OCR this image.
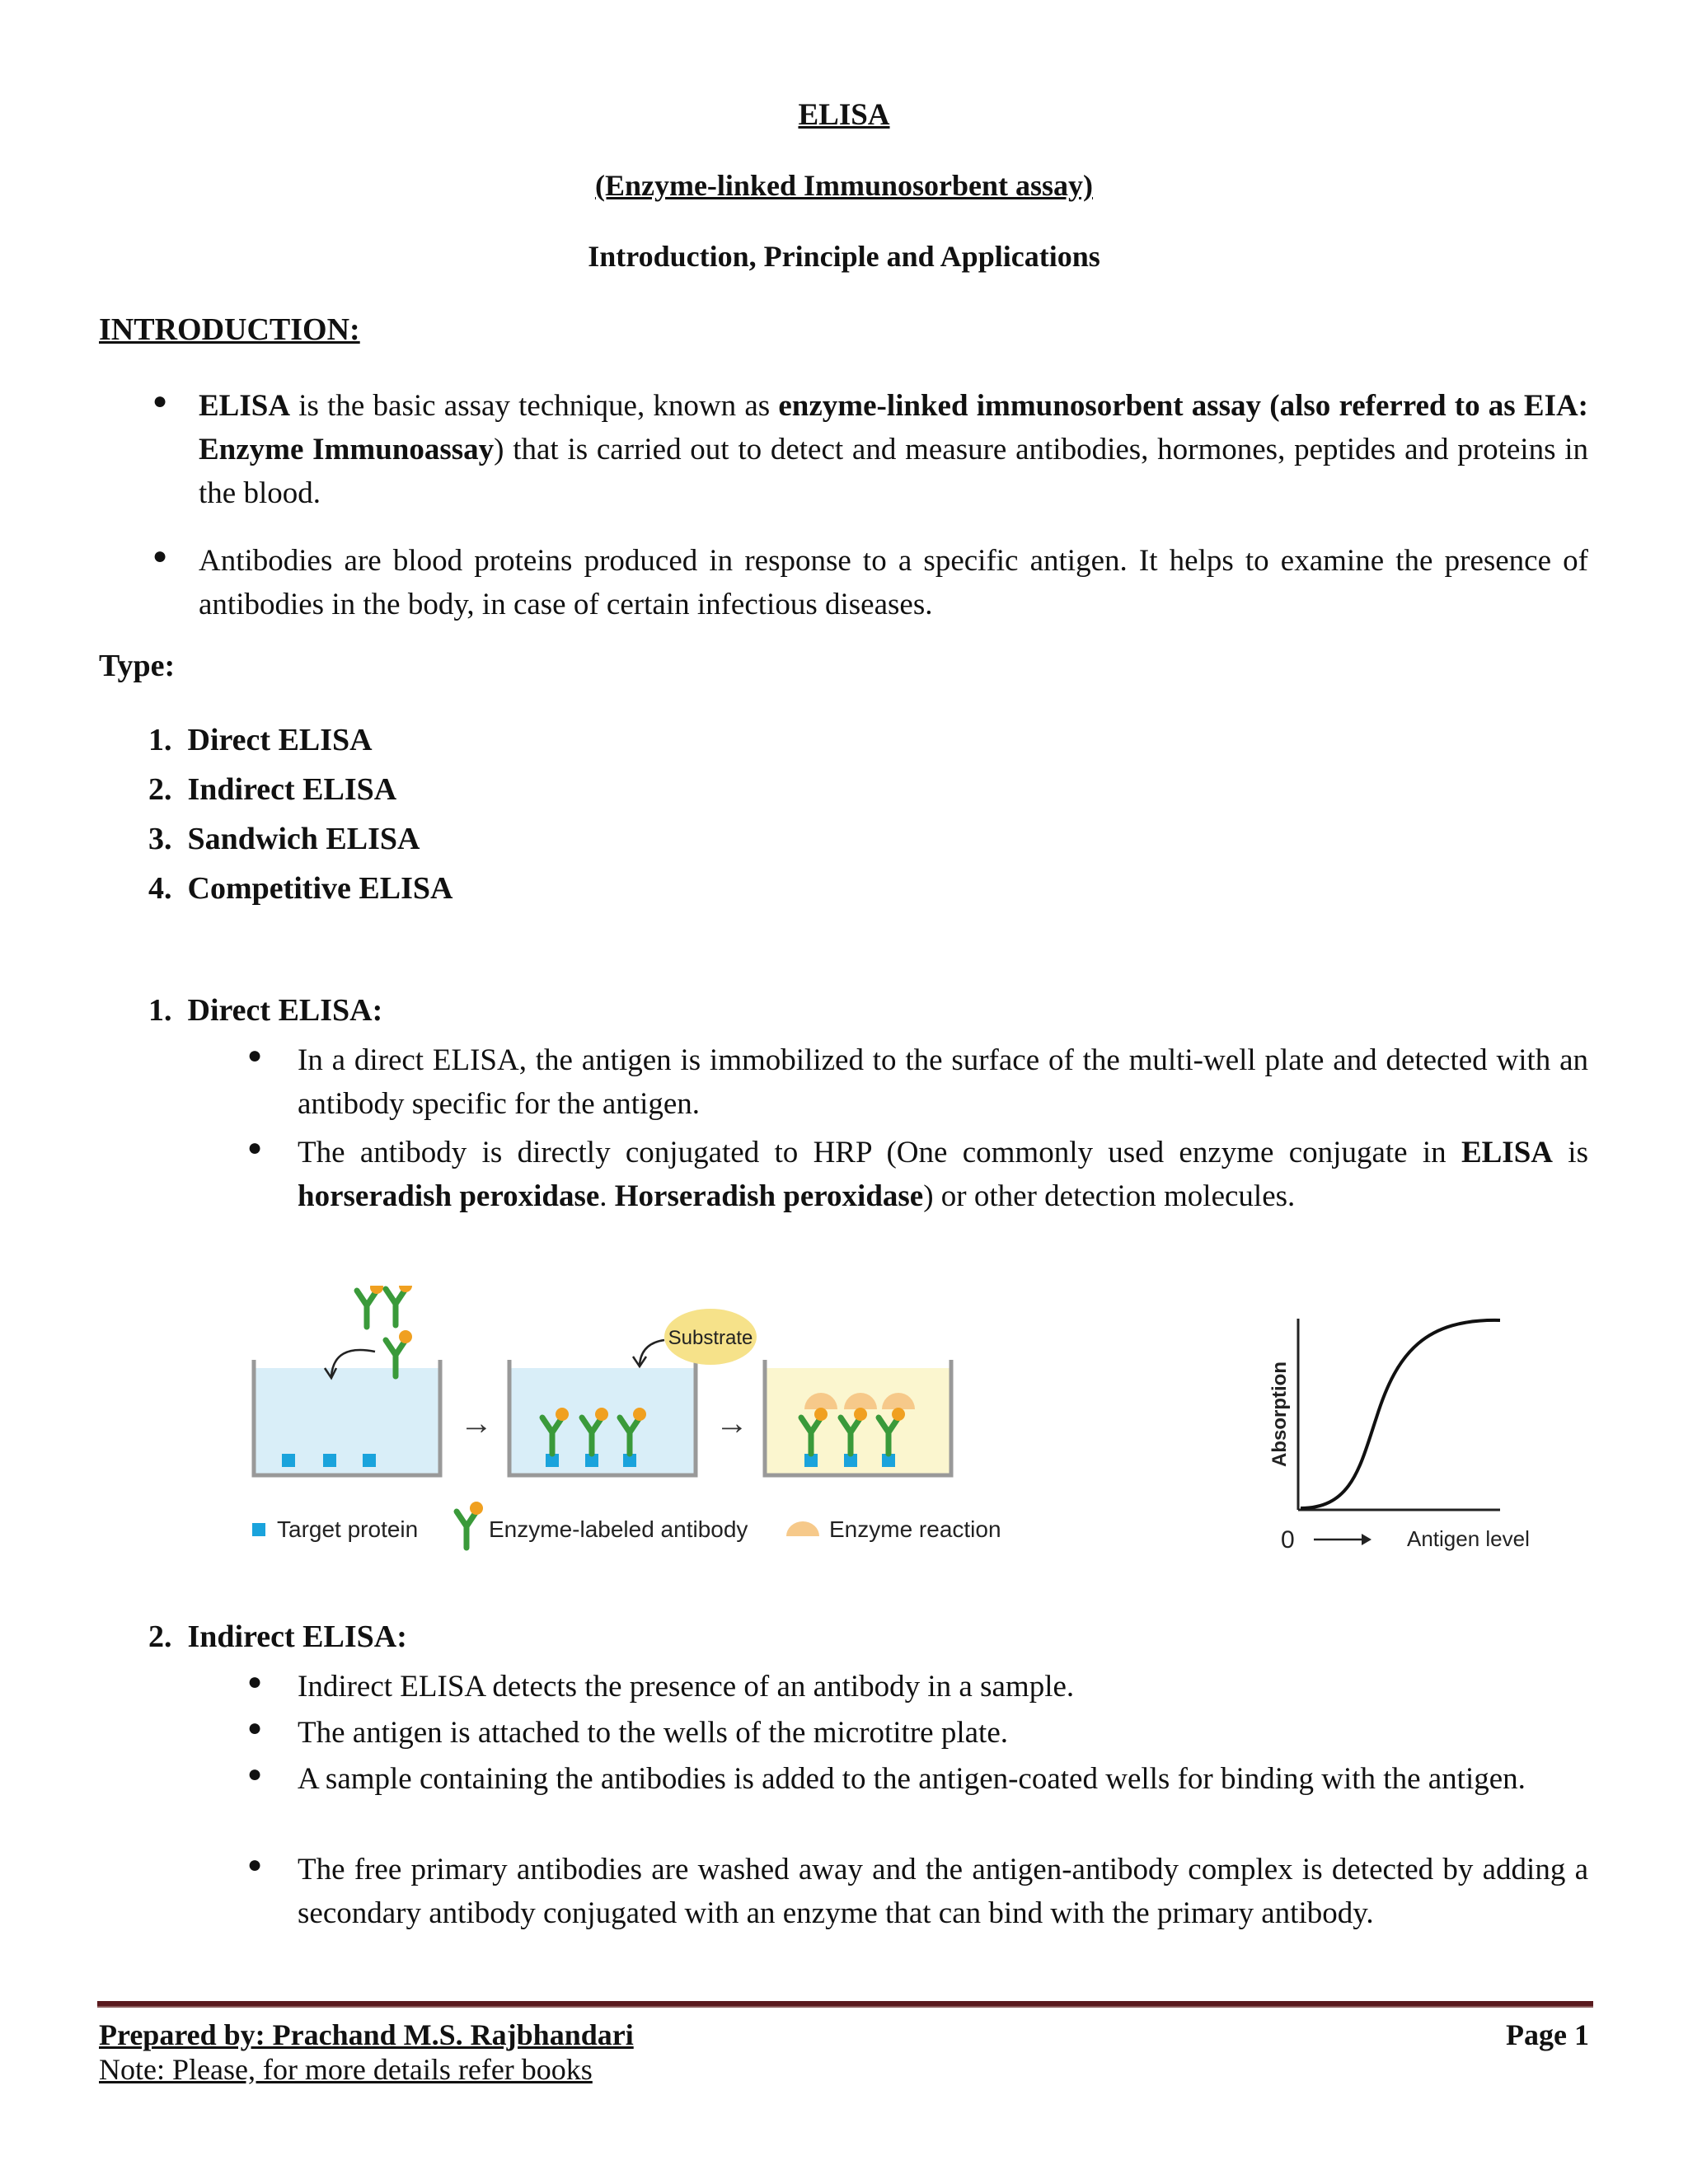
ELISA
(Enzyme-linked Immunosorbent assay)
Introduction, Principle and Applications
INTRODUCTION:
● ELISA is the basic assay technique, known as enzyme-linked immunosorbent assay (also referred to as EIA: Enzyme Immunoassay) that is carried out to detect and measure antibodies, hormones, peptides and proteins in the blood.
● Antibodies are blood proteins produced in response to a specific antigen. It helps to examine the presence of antibodies in the body, in case of certain infectious diseases.
Type:
1.  Direct ELISA
2.  Indirect ELISA
3.  Sandwich ELISA
4.  Competitive ELISA
1. Direct ELISA:
● In a direct ELISA, the antigen is immobilized to the surface of the multi-well plate and detected with an antibody specific for the antigen.
● The antibody is directly conjugated to HRP (One commonly used enzyme conjugate in ELISA is horseradish peroxidase. Horseradish peroxidase) or other detection molecules.
→
Substrate
→
Target protein	Enzyme-labeled antibody	Enzyme reaction
Absorption
0	Antigen level
2. Indirect ELISA:
● Indirect ELISA detects the presence of an antibody in a sample.
● The antigen is attached to the wells of the microtitre plate.
● A sample containing the antibodies is added to the antigen-coated wells for binding with the antigen.
● The free primary antibodies are washed away and the antigen-antibody complex is detected by adding a secondary antibody conjugated with an enzyme that can bind with the primary antibody.
Prepared by: Prachand M.S. Rajbhandari	Page 1
Note: Please, for more details refer books
